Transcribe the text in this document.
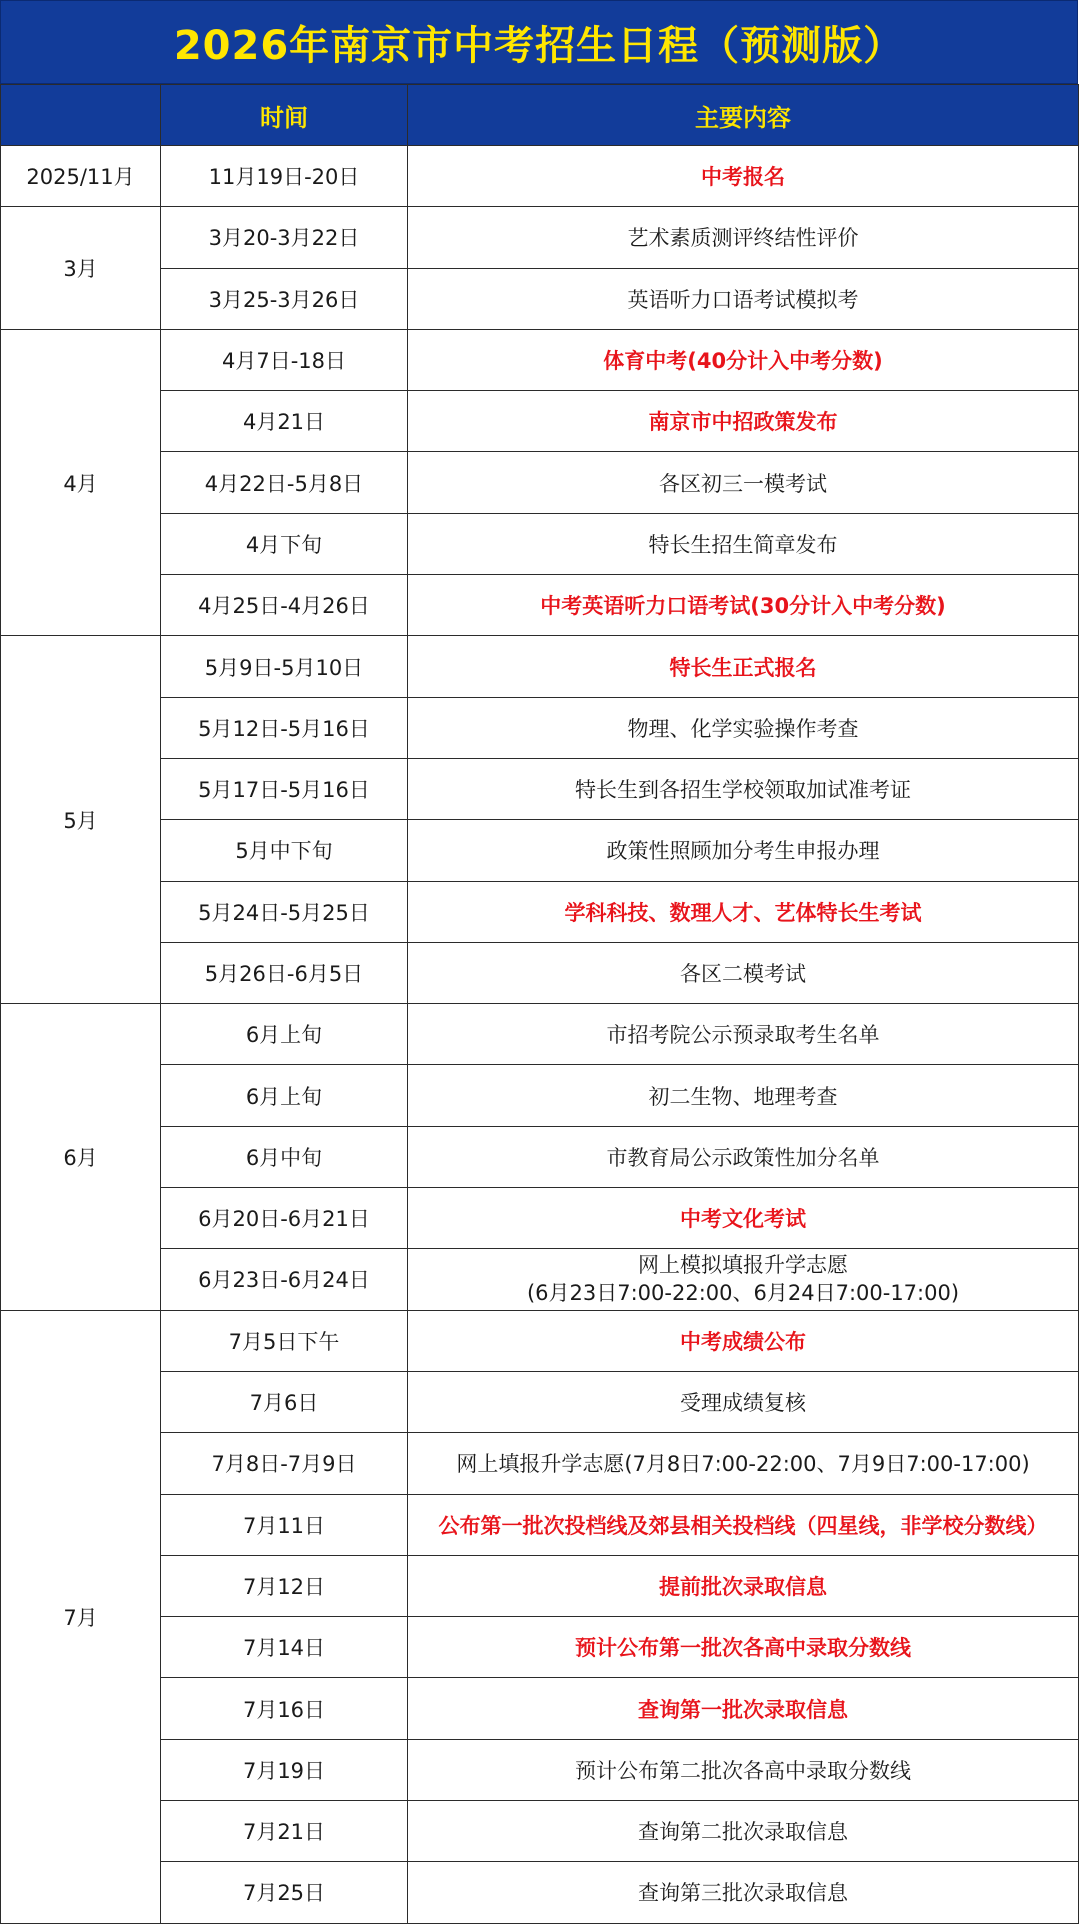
2026年南京市中考招生日程（预测版）
	时间	主要内容
2025/11月	11月19日-20日	中考报名
3月	3月20-3月22日	艺术素质测评终结性评价
	3月25-3月26日	英语听力口语考试模拟考
4月	4月7日-18日	体育中考(40分计入中考分数)
	4月21日	南京市中招政策发布
	4月22日-5月8日	各区初三一模考试
	4月下旬	特长生招生简章发布
	4月25日-4月26日	中考英语听力口语考试(30分计入中考分数)
5月	5月9日-5月10日	特长生正式报名
	5月12日-5月16日	物理、化学实验操作考查
	5月17日-5月16日	特长生到各招生学校领取加试准考证
	5月中下旬	政策性照顾加分考生申报办理
	5月24日-5月25日	学科科技、数理人才、艺体特长生考试
	5月26日-6月5日	各区二模考试
6月	6月上旬	市招考院公示预录取考生名单
	6月上旬	初二生物、地理考查
	6月中旬	市教育局公示政策性加分名单
	6月20日-6月21日	中考文化考试
	6月23日-6月24日	网上模拟填报升学志愿
(6月23日7:00-22:00、6月24日7:00-17:00)

7月	7月5日下午	中考成绩公布
	7月6日	受理成绩复核
	7月8日-7月9日	网上填报升学志愿(7月8日7:00-22:00、7月9日7:00-17:00)
	7月11日	公布第一批次投档线及郊县相关投档线（四星线，非学校分数线）
	7月12日	提前批次录取信息
	7月14日	预计公布第一批次各高中录取分数线
	7月16日	查询第一批次录取信息
	7月19日	预计公布第二批次各高中录取分数线
	7月21日	查询第二批次录取信息
	7月25日	查询第三批次录取信息
